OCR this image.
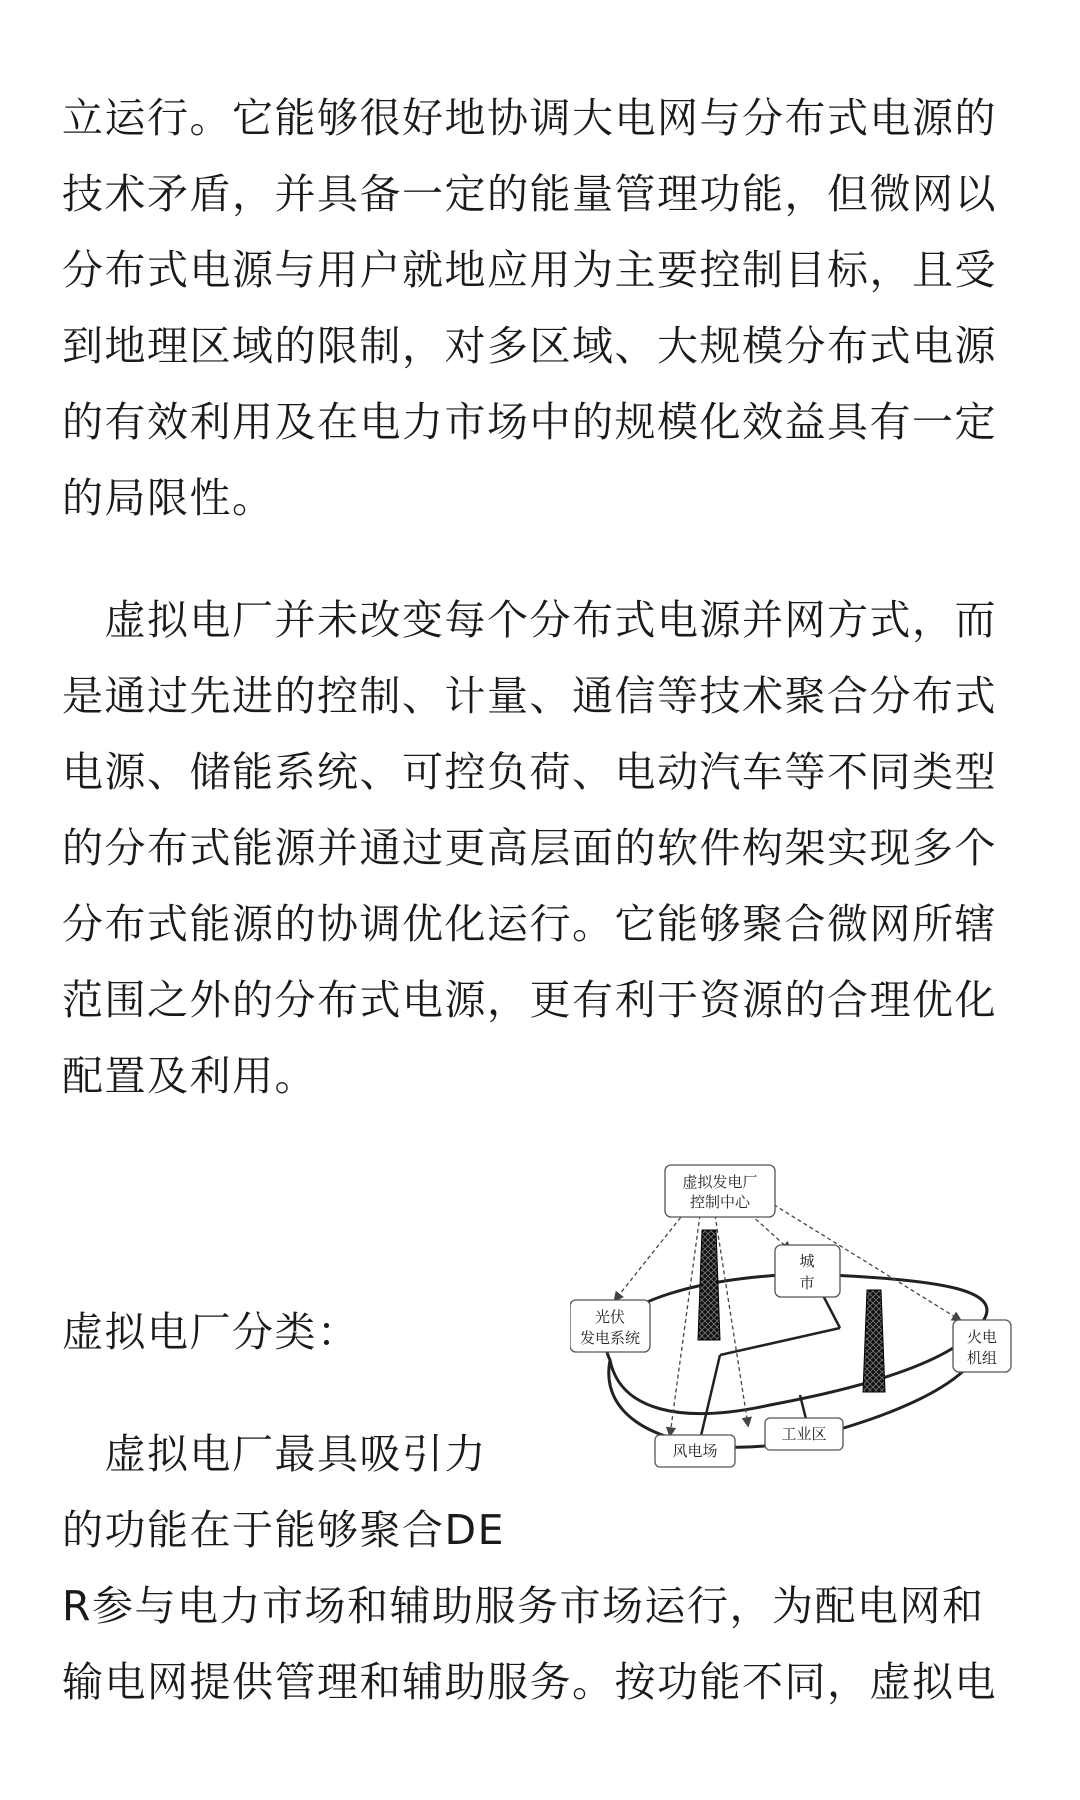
立运行。它能够很好地协调大电网与分布式电源的
技术矛盾，并具备一定的能量管理功能，但微网以
分布式电源与用户就地应用为主要控制目标，且受
到地理区域的限制，对多区域、大规模分布式电源
的有效利用及在电力市场中的规模化效益具有一定
的局限性。
　虚拟电厂并未改变每个分布式电源并网方式，而
是通过先进的控制、计量、通信等技术聚合分布式
电源、储能系统、可控负荷、电动汽车等不同类型
的分布式能源并通过更高层面的软件构架实现多个
分布式能源的协调优化运行。它能够聚合微网所辖
范围之外的分布式电源，更有利于资源的合理优化
配置及利用。
虚拟电厂分类：
　虚拟电厂最具吸引力
的功能在于能够聚合DE
R参与电力市场和辅助服务市场运行，为配电网和
输电网提供管理和辅助服务。按功能不同，虚拟电
虚拟发电厂
控制中心
城
市
光伏
发电系统	火电
机组
风电场
工业区
